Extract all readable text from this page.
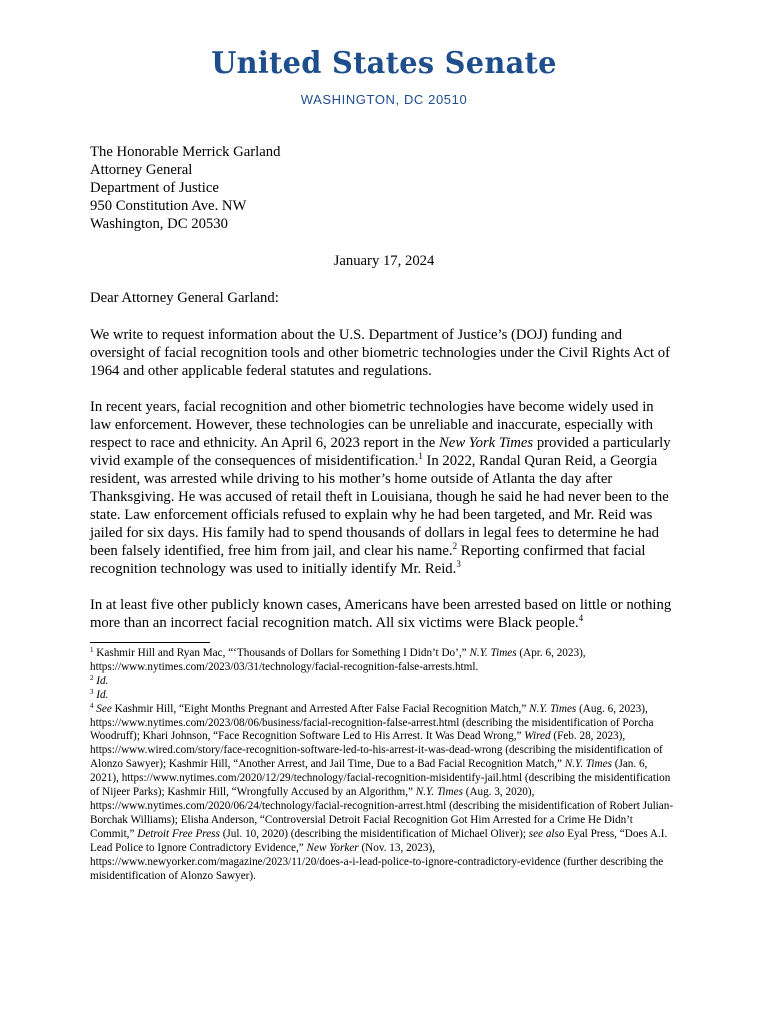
United States Senate
WASHINGTON, DC 20510

The Honorable Merrick Garland

Attorney General

Department of Justice

950 Constitution Ave. NW

Washington, DC 20530

January 17, 2024

Dear Attorney General Garland:

We write to request information about the U.S. Department of Justice’s (DOJ) funding and oversight of facial recognition tools and other biometric technologies under the Civil Rights Act of 1964 and other applicable federal statutes and regulations.

In recent years, facial recognition and other biometric technologies have become widely used in law enforcement. However, these technologies can be unreliable and inaccurate, especially with respect to race and ethnicity. An April 6, 2023 report in the New York Times provided a particularly vivid example of the consequences of misidentification.$^1$ In 2022, Randal Quran Reid, a Georgia resident, was arrested while driving to his mother’s home outside of Atlanta the day after Thanksgiving. He was accused of retail theft in Louisiana, though he said he had never been to the state. Law enforcement officials refused to explain why he had been targeted, and Mr. Reid was jailed for six days. His family had to spend thousands of dollars in legal fees to determine he had been falsely identified, free him from jail, and clear his name.$^2$ Reporting confirmed that facial recognition technology was used to initially identify Mr. Reid.$^3$

In at least five other publicly known cases, Americans have been arrested based on little or nothing more than an incorrect facial recognition match. All six victims were Black people.$^4$

$^1$ Kashmir Hill and Ryan Mac, “‘Thousands of Dollars for Something I Didn’t Do’,” N.Y. Times (Apr. 6, 2023), https://www.nytimes.com/2023/03/31/technology/facial-recognition-false-arrests.html.

$^2$ Id.

$^3$ Id.

$^4$ See Kashmir Hill, “Eight Months Pregnant and Arrested After False Facial Recognition Match,” N.Y. Times (Aug. 6, 2023), https://www.nytimes.com/2023/08/06/business/facial-recognition-false-arrest.html (describing the misidentification of Porcha Woodruff); Khari Johnson, “Face Recognition Software Led to His Arrest. It Was Dead Wrong,” Wired (Feb. 28, 2023), https://www.wired.com/story/face-recognition-software-led-to-his-arrest-it-was-dead-wrong (describing the misidentification of Alonzo Sawyer); Kashmir Hill, “Another Arrest, and Jail Time, Due to a Bad Facial Recognition Match,” N.Y. Times (Jan. 6, 2021), https://www.nytimes.com/2020/12/29/technology/facial-recognition-misidentify-jail.html (describing the misidentification of Nijeer Parks); Kashmir Hill, “Wrongfully Accused by an Algorithm,” N.Y. Times (Aug. 3, 2020), https://www.nytimes.com/2020/06/24/technology/facial-recognition-arrest.html (describing the misidentification of Robert Julian-Borchak Williams); Elisha Anderson, “Controversial Detroit Facial Recognition Got Him Arrested for a Crime He Didn’t Commit,” Detroit Free Press (Jul. 10, 2020) (describing the misidentification of Michael Oliver); see also Eyal Press, “Does A.I. Lead Police to Ignore Contradictory Evidence,” New Yorker (Nov. 13, 2023), https://www.newyorker.com/magazine/2023/11/20/does-a-i-lead-police-to-ignore-contradictory-evidence (further describing the misidentification of Alonzo Sawyer).
